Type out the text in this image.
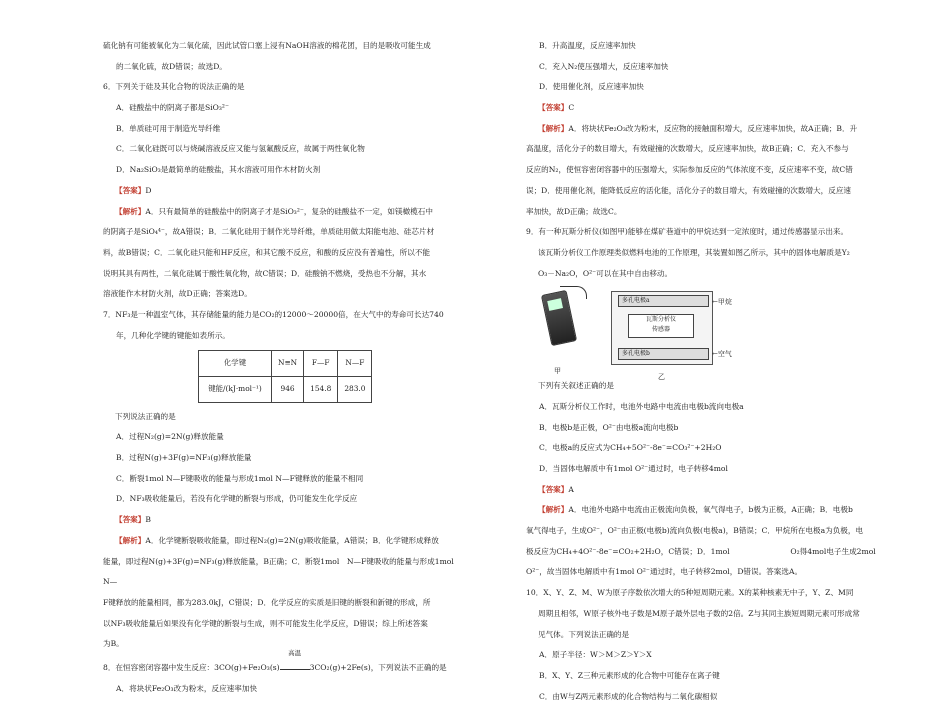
硫化钠有可能被氧化为二氧化硫，因此试管口塞上浸有NaOH溶液的棉花团，目的是吸收可能生成
的二氧化硫，故D错误；故选D。
6．下列关于硅及其化合物的说法正确的是
A．硅酸盐中的阴离子都是SiO₃²⁻
B．单质硅可用于制造光导纤维
C．二氧化硅既可以与烧碱溶液反应又能与氢氟酸反应，故属于两性氧化物
D．Na₂SiO₃是最简单的硅酸盐，其水溶液可用作木材防火剂
【答案】D
【解析】A．只有最简单的硅酸盐中的阴离子才是SiO₃²⁻，复杂的硅酸盐不一定，如镁橄榄石中
的阴离子是SiO₄⁴⁻，故A错误；B．二氧化硅用于制作光导纤维，单质硅用做太阳能电池、硅芯片材
料，故B错误；C．二氧化硅只能和HF反应，和其它酸不反应，和酸的反应没有普遍性，所以不能
说明其具有两性，二氧化硅属于酸性氧化物，故C错误；D．硅酸钠不燃烧，受热也不分解，其水
溶液能作木材防火剂，故D正确；答案选D。
7．NF₃是一种温室气体，其存储能量的能力是CO₂的12000～20000倍，在大气中的寿命可长达740
年，几种化学键的键能如表所示。
化学键	N≡N	F—F	N—F
键能/(kJ·mol⁻¹)	946	154.8	283.0
下列说法正确的是
A．过程N₂(g)=2N(g)释放能量
B．过程N(g)+3F(g)=NF₃(g)释放能量
C．断裂1mol N—F键吸收的能量与形成1mol N—F键释放的能量不相同
D．NF₃吸收能量后，若没有化学键的断裂与形成，仍可能发生化学反应
【答案】B
【解析】A．化学键断裂吸收能量，即过程N₂(g)=2N(g)吸收能量，A错误；B．化学键形成释放
能量，即过程N(g)+3F(g)=NF₃(g)释放能量，B正确；C．断裂1mol　N—F键吸收的能量与形成1mol
N—
F键释放的能量相同，都为283.0kJ，C错误；D．化学反应的实质是旧键的断裂和新键的形成，所
以NF₃吸收能量后如果没有化学键的断裂与生成，则不可能发生化学反应，D错误；综上所述答案
为B。
8．在恒容密闭容器中发生反应：3CO(g)+Fe₂O₃(s)
高温
3CO₂(g)+2Fe(s)，下列说法不正确的是
A．将块状Fe₂O₃改为粉末，反应速率加快
B．升高温度，反应速率加快
C．充入N₂使压强增大，反应速率加快
D．使用催化剂，反应速率加快
【答案】C
【解析】A．将块状Fe₂O₃改为粉末，反应物的接触面积增大，反应速率加快，故A正确；B．升
高温度，活化分子的数目增大，有效碰撞的次数增大，反应速率加快，故B正确；C．充入不参与
反应的N₂，使恒容密闭容器中的压强增大，实际参加反应的气体浓度不变，反应速率不变，故C错
误；D．使用催化剂，能降低反应的活化能，活化分子的数目增大，有效碰撞的次数增大，反应速
率加快，故D正确；故选C。
9．有一种瓦斯分析仪(如图甲)能够在煤矿巷道中的甲烷达到一定浓度时，通过传感器显示出来。
该瓦斯分析仪工作原理类似燃料电池的工作原理，其装置如图乙所示，其中的固体电解质是Y₂
O₃－Na₂O，O²⁻可以在其中自由移动。
甲
多孔电极a
瓦斯分析仪
传感器
多孔电极b
←甲烷
←空气
乙
下列有关叙述正确的是
A．瓦斯分析仪工作时，电池外电路中电流由电极b流向电极a
B．电极b是正极，O²⁻由电极a流向电极b
C．电极a的反应式为CH₄+5O²⁻-8e⁻=CO₃²⁻+2H₂O
D．当固体电解质中有1mol O²⁻通过时，电子转移4mol
【答案】A
【解析】A．电池外电路中电流由正极流向负极，氧气得电子，b极为正极，A正确；B．电极b
氧气得电子，生成O²⁻，O²⁻由正极(电极b)流向负极(电极a)，B错误；C．甲烷所在电极a为负极，电
极反应为CH₄+4O²⁻-8e⁻=CO₂+2H₂O，C错误；D．1mol　　　　　　　　O₂得4mol电子生成2mol
O²⁻，故当固体电解质中有1mol O²⁻通过时，电子转移2mol，D错误。答案选A。
10．X、Y、Z、M、W为原子序数依次增大的5种短周期元素。X的某种核素无中子，Y、Z、M同
周期且相邻，W原子核外电子数是M原子最外层电子数的2倍。Z与其同主族短周期元素可形成常
见气体。下列说法正确的是
A．原子半径：W＞M＞Z＞Y＞X
B．X、Y、Z三种元素形成的化合物中可能存在离子键
C．由W与Z两元素形成的化合物结构与二氧化碳相似
